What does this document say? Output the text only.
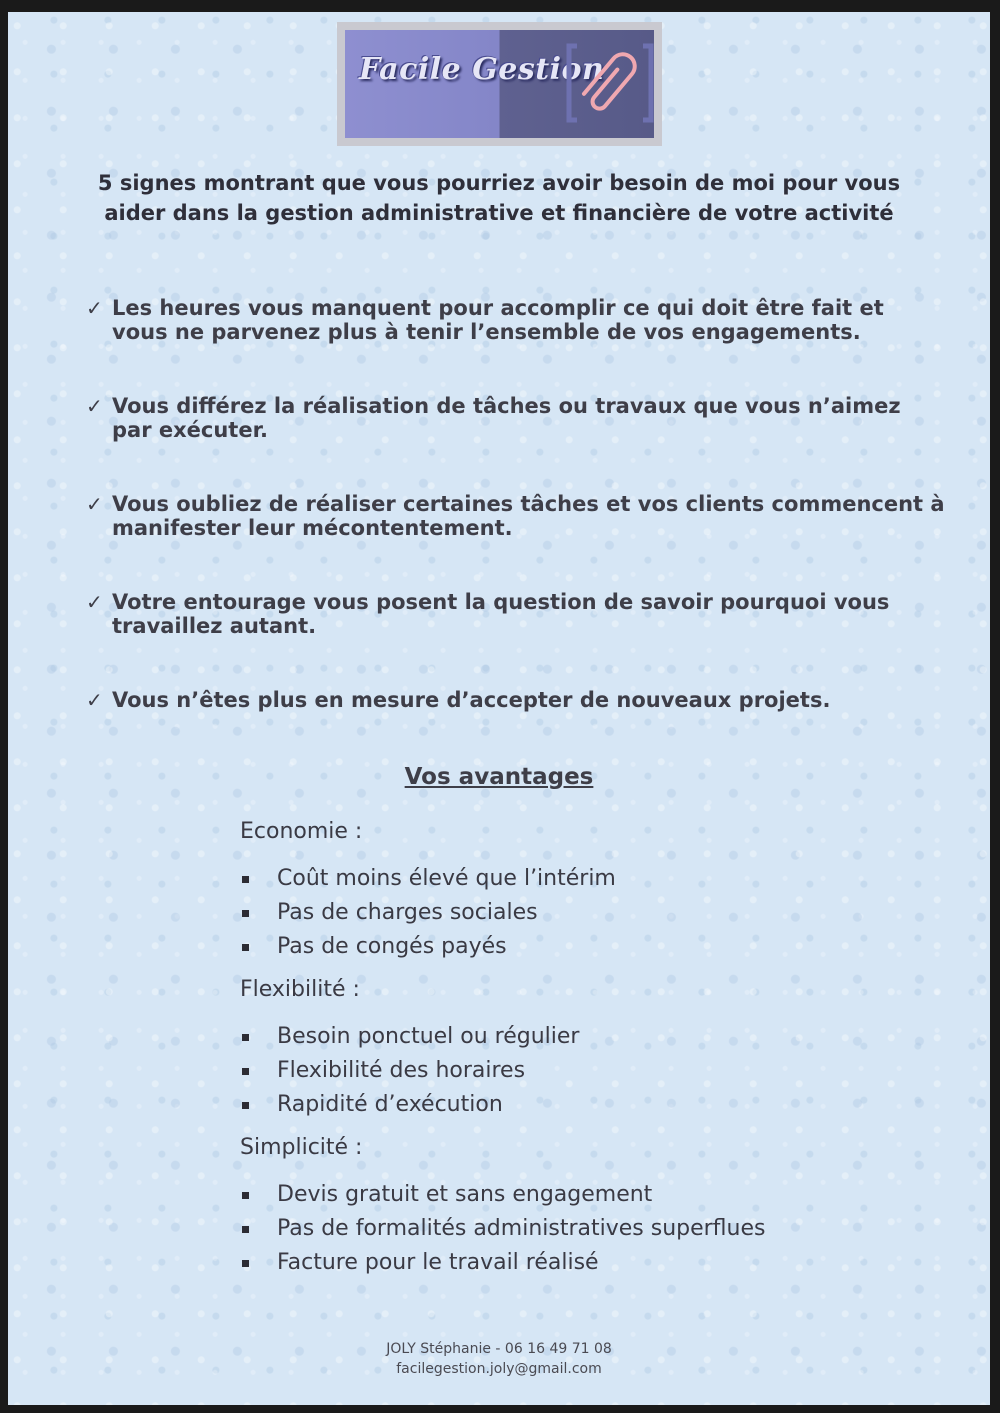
Facile Gestion

5 signes montrant que vous pourriez avoir besoin de moi pour vous aider dans la gestion administrative et financière de votre activité

✓ Les heures vous manquent pour accomplir ce qui doit être fait et vous ne parvenez plus à tenir l’ensemble de vos engagements.
✓ Vous différez la réalisation de tâches ou travaux que vous n’aimez par exécuter.
✓ Vous oubliez de réaliser certaines tâches et vos clients commencent à manifester leur mécontentement.
✓ Votre entourage vous posent la question de savoir pourquoi vous travaillez autant.
✓ Vous n’êtes plus en mesure d’accepter de nouveaux projets.
Vos avantages

Economie :

Coût moins élevé que l’intérim
Pas de charges sociales
Pas de congés payés

Flexibilité :

Besoin ponctuel ou régulier
Flexibilité des horaires
Rapidité d’exécution

Simplicité :

Devis gratuit et sans engagement
Pas de formalités administratives superflues
Facture pour le travail réalisé
JOLY Stéphanie - 06 16 49 71 08
facilegestion.joly@gmail.com
